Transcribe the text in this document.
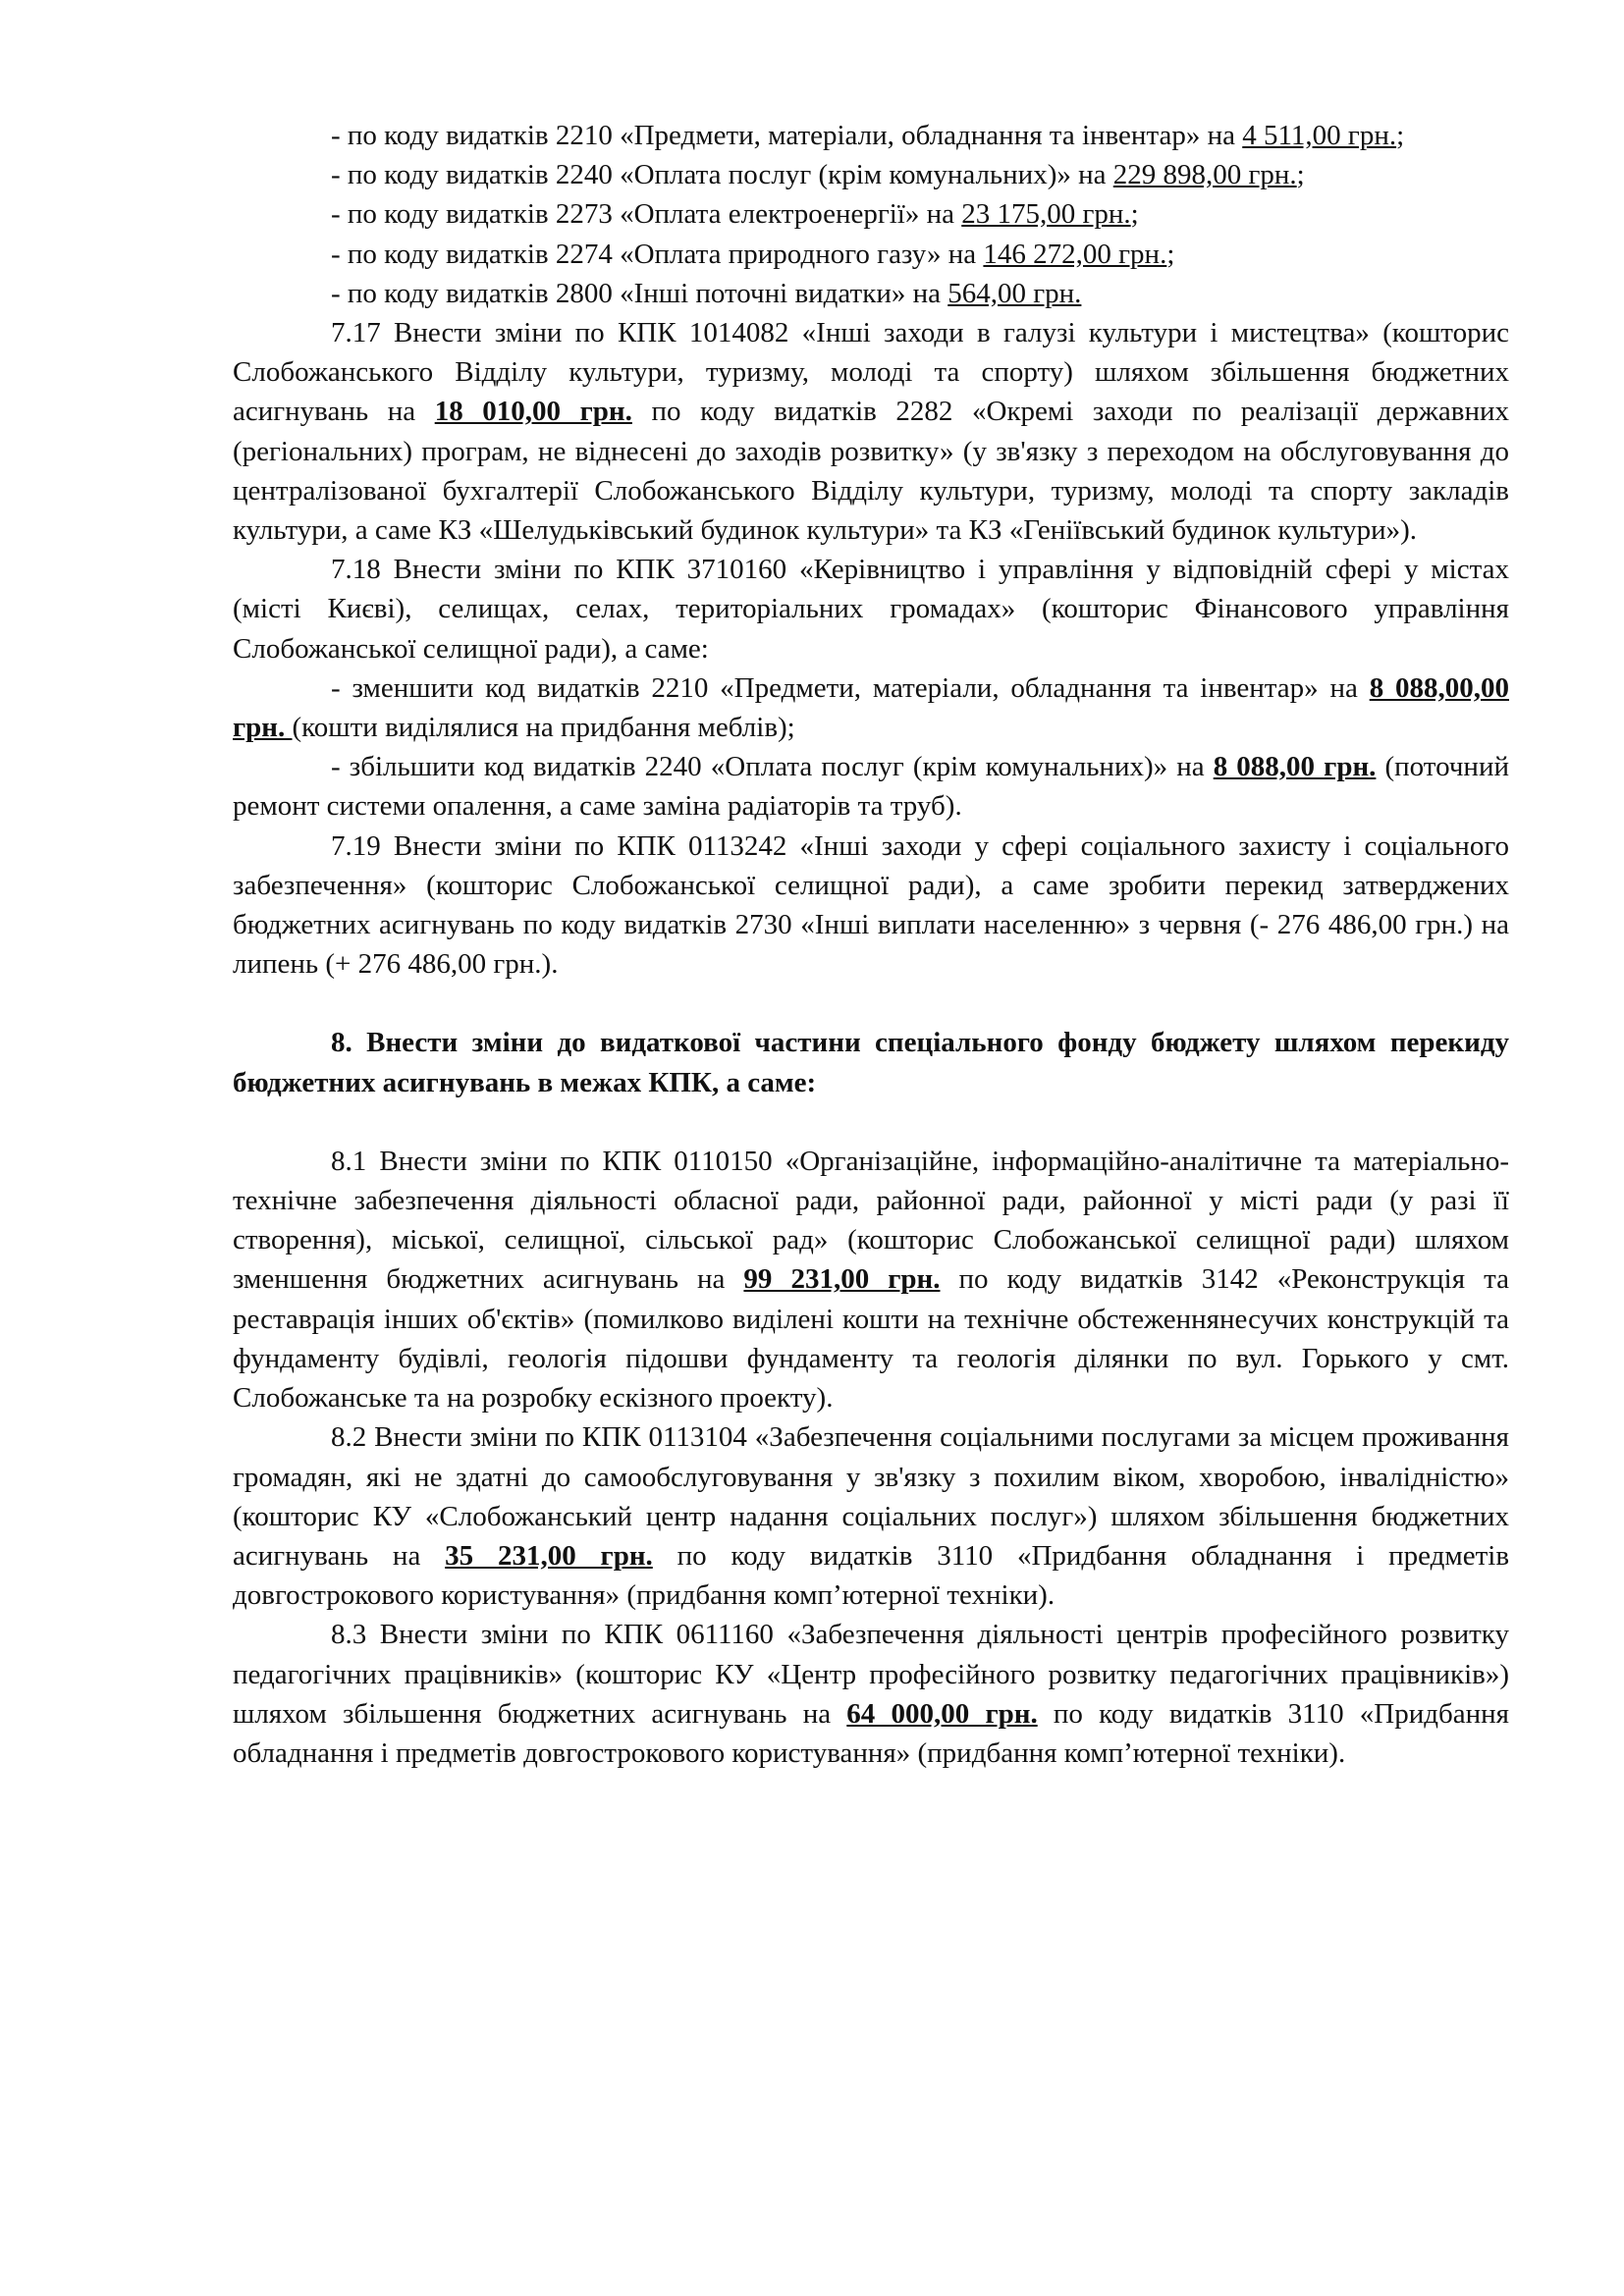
- по коду видатків 2210 «Предмети, матеріали, обладнання та інвентар» на 4 511,00 грн.;

- по коду видатків 2240 «Оплата послуг (крім комунальних)» на 229 898,00 грн.;

- по коду видатків 2273 «Оплата електроенергії» на 23 175,00 грн.;

- по коду видатків 2274 «Оплата природного газу» на 146 272,00 грн.;

- по коду видатків 2800 «Інші поточні видатки» на 564,00 грн.

7.17 Внести зміни по КПК 1014082 «Інші заходи в галузі культури і мистецтва» (кошторис Слобожанського Відділу культури, туризму, молоді та спорту) шляхом збільшення бюджетних асигнувань на 18 010,00 грн. по коду видатків 2282 «Окремі заходи по реалізації державних (регіональних) програм, не віднесені до заходів розвитку» (у зв'язку з переходом на обслуговування до централізованої бухгалтерії Слобожанського Відділу культури, туризму, молоді та спорту закладів культури, а саме КЗ «Шелудьківський будинок культури» та КЗ «Геніївський будинок культури»).

7.18 Внести зміни по КПК 3710160 «Керівництво і управління у відповідній сфері у містах (місті Києві), селищах, селах, територіальних громадах» (кошторис Фінансового управління Слобожанської селищної ради), а саме:

- зменшити код видатків 2210 «Предмети, матеріали, обладнання та інвентар» на 8 088,00,00 грн. (кошти виділялися на придбання меблів);

- збільшити код видатків 2240 «Оплата послуг (крім комунальних)» на 8 088,00 грн. (поточний ремонт системи опалення, а саме заміна радіаторів та труб).

7.19 Внести зміни по КПК 0113242 «Інші заходи у сфері соціального захисту і соціального забезпечення» (кошторис Слобожанської селищної ради), а саме зробити перекид затверджених бюджетних асигнувань по коду видатків 2730 «Інші виплати населенню» з червня (- 276 486,00 грн.) на липень (+ 276 486,00 грн.).

8. Внести зміни до видаткової частини спеціального фонду бюджету шляхом перекиду бюджетних асигнувань в межах КПК, а саме:

8.1 Внести зміни по КПК 0110150 «Організаційне, інформаційно-аналітичне та матеріально-технічне забезпечення діяльності обласної ради, районної ради, районної у місті ради (у разі її створення), міської, селищної, сільської рад» (кошторис Слобожанської селищної ради) шляхом зменшення бюджетних асигнувань на 99 231,00 грн. по коду видатків 3142 «Реконструкція та реставрація інших об'єктів» (помилково виділені кошти на технічне обстеженнянесучих конструкцій та фундаменту будівлі, геологія підошви фундаменту та геологія ділянки по вул. Горького у смт. Слобожанське та на розробку ескізного проекту).

8.2 Внести зміни по КПК 0113104 «Забезпечення соціальними послугами за місцем проживання громадян, які не здатні до самообслуговування у зв'язку з похилим віком, хворобою, інвалідністю» (кошторис КУ «Слобожанський центр надання соціальних послуг») шляхом збільшення бюджетних асигнувань на 35 231,00 грн. по коду видатків 3110 «Придбання обладнання і предметів довгострокового користування» (придбання комп’ютерної техніки).

8.3 Внести зміни по КПК 0611160 «Забезпечення діяльності центрів професійного розвитку педагогічних працівників» (кошторис КУ «Центр професійного розвитку педагогічних працівників») шляхом збільшення бюджетних асигнувань на 64 000,00 грн. по коду видатків 3110 «Придбання обладнання і предметів довгострокового користування» (придбання комп’ютерної техніки).
